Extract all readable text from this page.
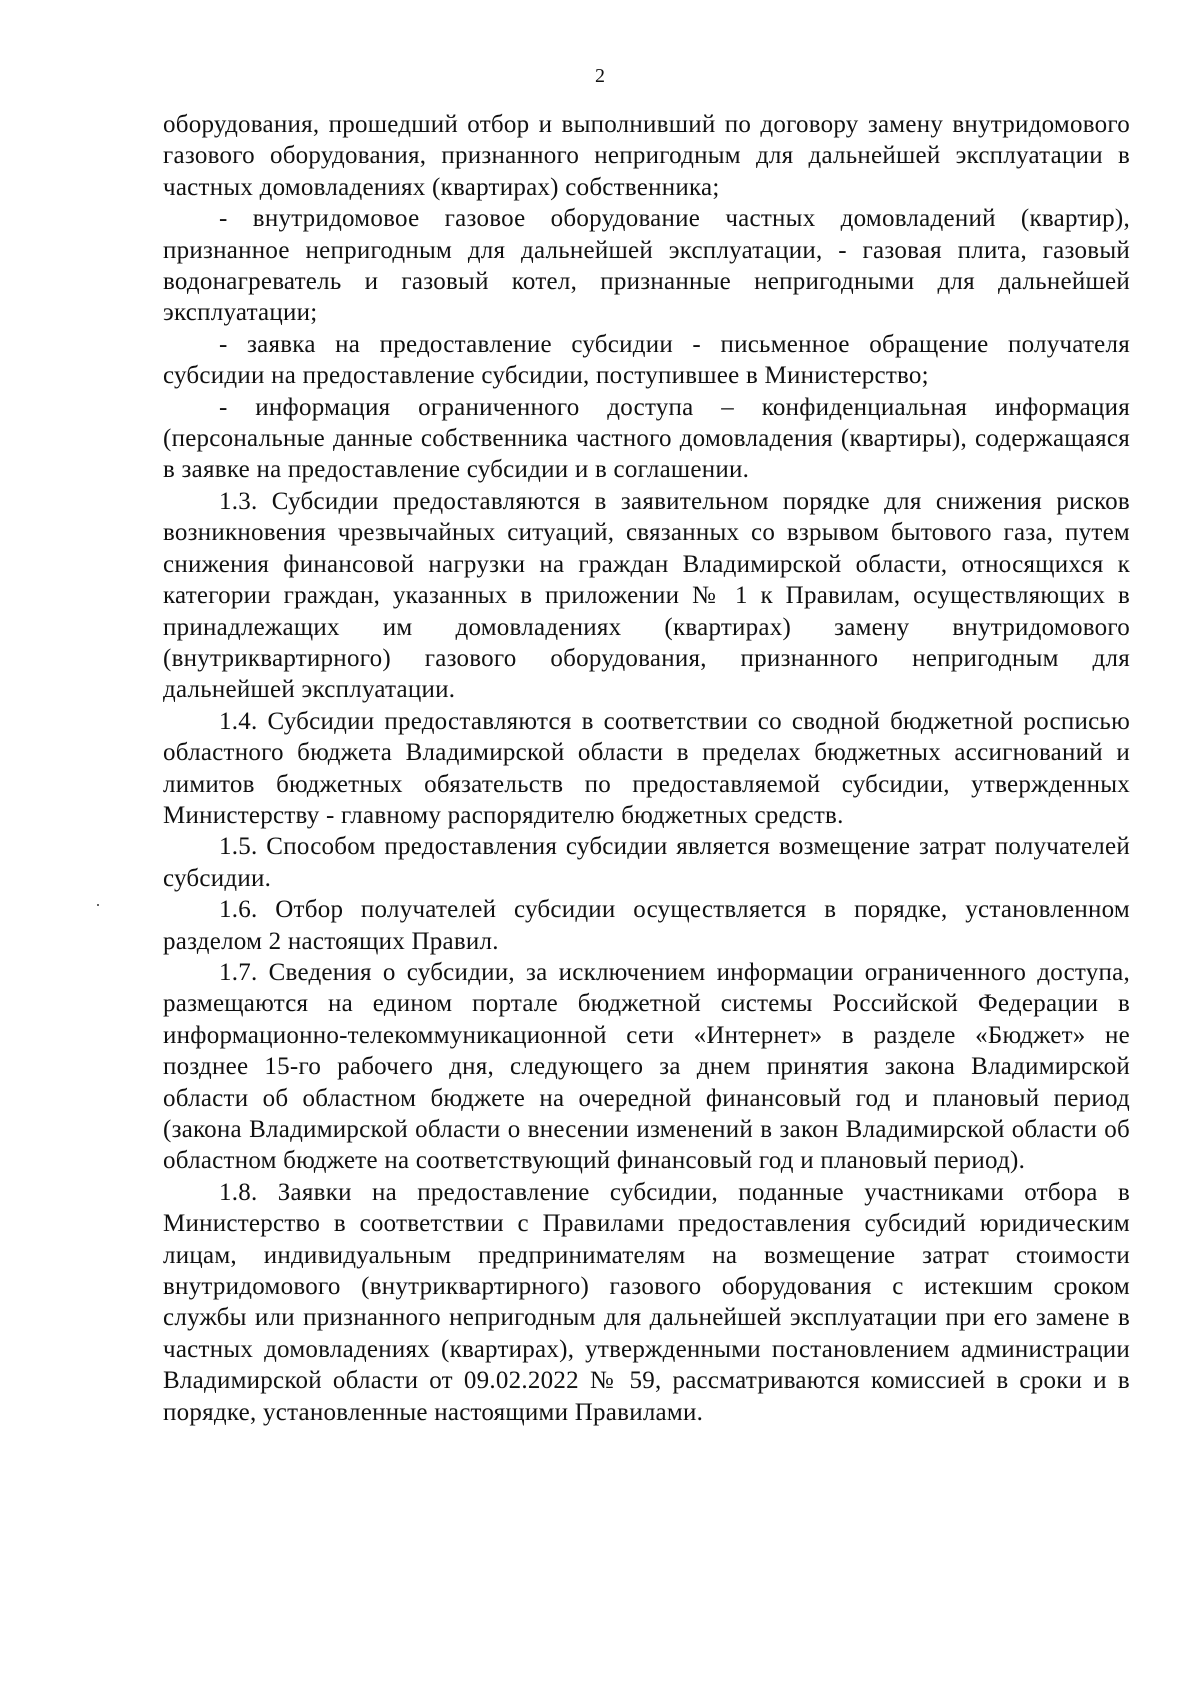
2

оборудования, прошедший отбор и выполнивший по договору замену внутридомового газового оборудования, признанного непригодным для дальнейшей эксплуатации в частных домовладениях (квартирах) собственника;

- внутридомовое газовое оборудование частных домовладений (квартир), признанное непригодным для дальнейшей эксплуатации, - газовая плита, газовый водонагреватель и газовый котел, признанные непригодными для дальнейшей эксплуатации;

- заявка на предоставление субсидии - письменное обращение получателя субсидии на предоставление субсидии, поступившее в Министерство;

- информация ограниченного доступа – конфиденциальная информация (персональные данные собственника частного домовладения (квартиры), содержащаяся в заявке на предоставление субсидии и в соглашении.

1.3. Субсидии предоставляются в заявительном порядке для снижения рисков возникновения чрезвычайных ситуаций, связанных со взрывом бытового газа, путем снижения финансовой нагрузки на граждан Владимирской области, относящихся к категории граждан, указанных в приложении № 1 к Правилам, осуществляющих в принадлежащих им домовладениях (квартирах) замену внутридомового (внутриквартирного) газового оборудования, признанного непригодным для дальнейшей эксплуатации.

1.4. Субсидии предоставляются в соответствии со сводной бюджетной росписью областного бюджета Владимирской области в пределах бюджетных ассигнований и лимитов бюджетных обязательств по предоставляемой субсидии, утвержденных Министерству - главному распорядителю бюджетных средств.

1.5. Способом предоставления субсидии является возмещение затрат получателей субсидии.

1.6. Отбор получателей субсидии осуществляется в порядке, установленном разделом 2 настоящих Правил.

1.7. Сведения о субсидии, за исключением информации ограниченного доступа, размещаются на едином портале бюджетной системы Российской Федерации в информационно-телекоммуникационной сети «Интернет» в разделе «Бюджет» не позднее 15-го рабочего дня, следующего за днем принятия закона Владимирской области об областном бюджете на очередной финансовый год и плановый период (закона Владимирской области о внесении изменений в закон Владимирской области об областном бюджете на соответствующий финансовый год и плановый период).

1.8. Заявки на предоставление субсидии, поданные участниками отбора в Министерство в соответствии с Правилами предоставления субсидий юридическим лицам, индивидуальным предпринимателям на возмещение затрат стоимости внутридомового (внутриквартирного) газового оборудования с истекшим сроком службы или признанного непригодным для дальнейшей эксплуатации при его замене в частных домовладениях (квартирах), утвержденными постановлением администрации Владимирской области от 09.02.2022 № 59, рассматриваются комиссией в сроки и в порядке, установленные настоящими Правилами.
